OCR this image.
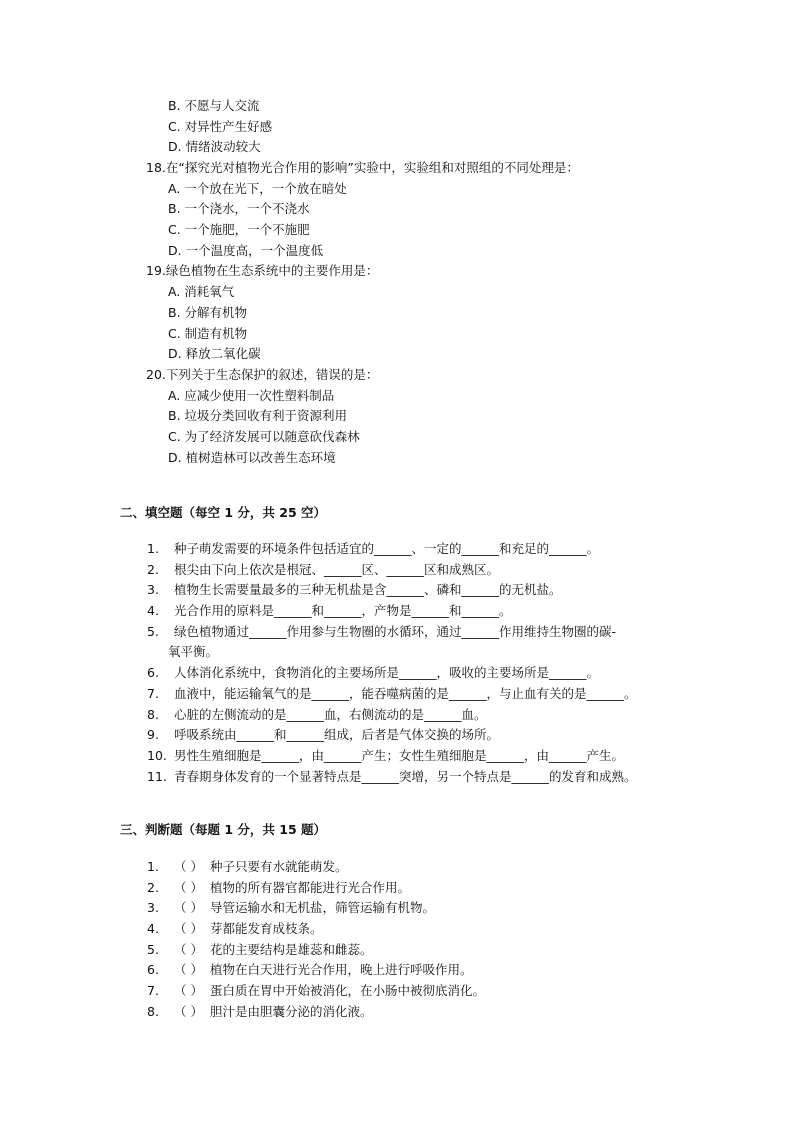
B. 不愿与人交流
C. 对异性产生好感
D. 情绪波动较大
18.在“探究光对植物光合作用的影响”实验中，实验组和对照组的不同处理是：
A. 一个放在光下，一个放在暗处
B. 一个浇水，一个不浇水
C. 一个施肥，一个不施肥
D. 一个温度高，一个温度低
19.绿色植物在生态系统中的主要作用是：
A. 消耗氧气
B. 分解有机物
C. 制造有机物
D. 释放二氧化碳
20.下列关于生态保护的叙述，错误的是：
A. 应减少使用一次性塑料制品
B. 垃圾分类回收有利于资源利用
C. 为了经济发展可以随意砍伐森林
D. 植树造林可以改善生态环境
二、填空题（每空 1 分，共 25 空）
1.	种子萌发需要的环境条件包括适宜的______、一定的______和充足的______。
2.	根尖由下向上依次是根冠、______区、______区和成熟区。
3.	植物生长需要量最多的三种无机盐是含______、磷和______的无机盐。
4.	光合作用的原料是______和______，产物是______和______。
5.	绿色植物通过______作用参与生物圈的水循环，通过______作用维持生物圈的碳-
氧平衡。
6.	人体消化系统中，食物消化的主要场所是______，吸收的主要场所是______。
7.	血液中，能运输氧气的是______，能吞噬病菌的是______，与止血有关的是______。
8.	心脏的左侧流动的是______血，右侧流动的是______血。
9.	呼吸系统由______和______组成，后者是气体交换的场所。
10. 男性生殖细胞是______，由______产生；女性生殖细胞是______，由______产生。
11. 青春期身体发育的一个显著特点是______突增，另一个特点是______的发育和成熟。
三、判断题（每题 1 分，共 15 题）
1.	（ ） 种子只要有水就能萌发。
2.	（ ） 植物的所有器官都能进行光合作用。
3.	（ ） 导管运输水和无机盐，筛管运输有机物。
4.	（ ） 芽都能发育成枝条。
5.	（ ） 花的主要结构是雄蕊和雌蕊。
6.	（ ） 植物在白天进行光合作用，晚上进行呼吸作用。
7.	（ ） 蛋白质在胃中开始被消化，在小肠中被彻底消化。
8.	（ ） 胆汁是由胆囊分泌的消化液。
